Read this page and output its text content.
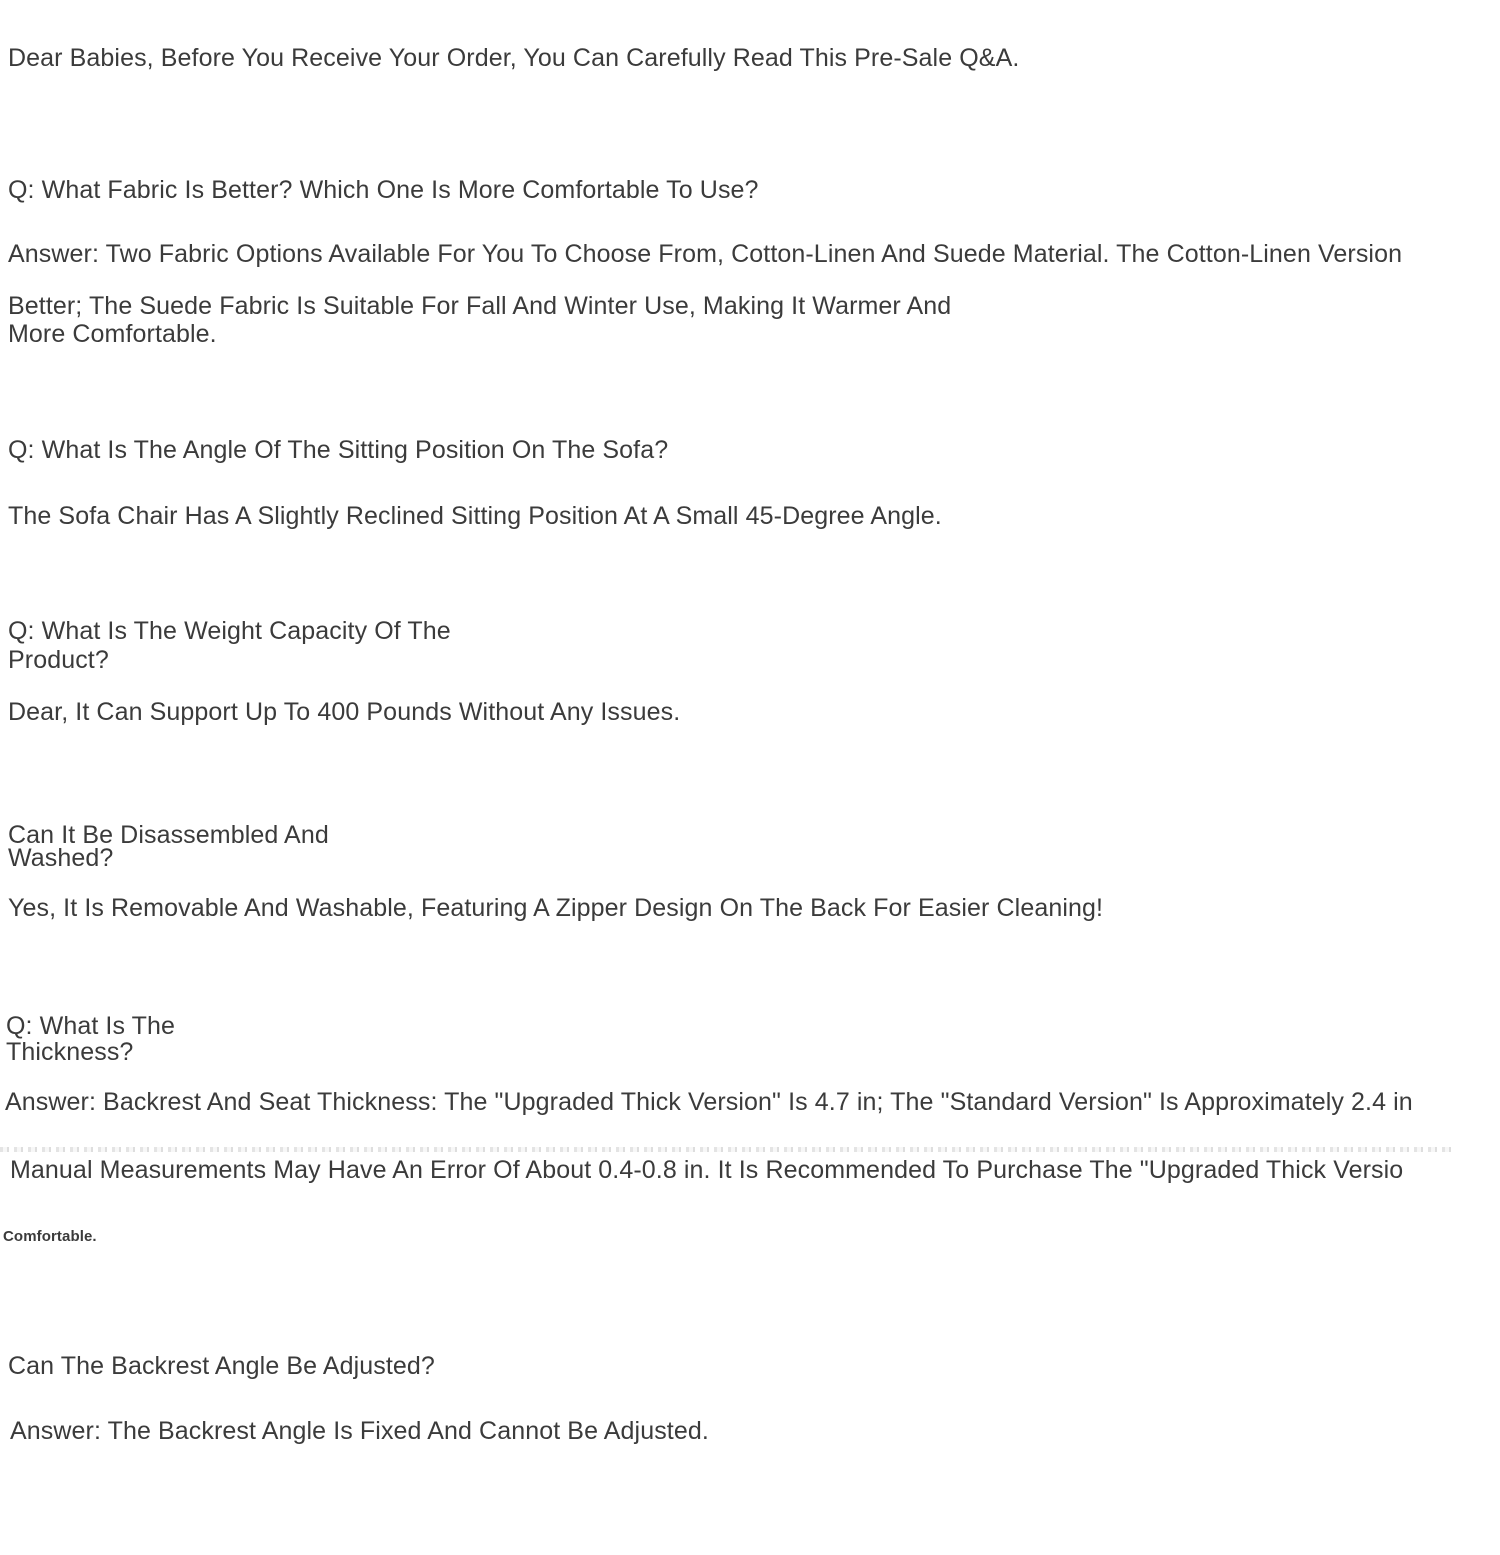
Dear Babies, Before You Receive Your Order, You Can Carefully Read This Pre-Sale Q&A.
Q: What Fabric Is Better? Which One Is More Comfortable To Use?
Answer: Two Fabric Options Available For You To Choose From, Cotton-Linen And Suede Material. The Cotton-Linen Version
Better; The Suede Fabric Is Suitable For Fall And Winter Use, Making It Warmer And
More Comfortable.
Q: What Is The Angle Of The Sitting Position On The Sofa?
The Sofa Chair Has A Slightly Reclined Sitting Position At A Small 45-Degree Angle.
Q: What Is The Weight Capacity Of The
Product?
Dear, It Can Support Up To 400 Pounds Without Any Issues.
Can It Be Disassembled And
Washed?
Yes, It Is Removable And Washable, Featuring A Zipper Design On The Back For Easier Cleaning!
Q: What Is The
Thickness?
Answer: Backrest And Seat Thickness: The "Upgraded Thick Version" Is 4.7 in; The "Standard Version" Is Approximately 2.4 in
Manual Measurements May Have An Error Of About 0.4-0.8 in. It Is Recommended To Purchase The "Upgraded Thick Versio
Comfortable.
Can The Backrest Angle Be Adjusted?
Answer: The Backrest Angle Is Fixed And Cannot Be Adjusted.
